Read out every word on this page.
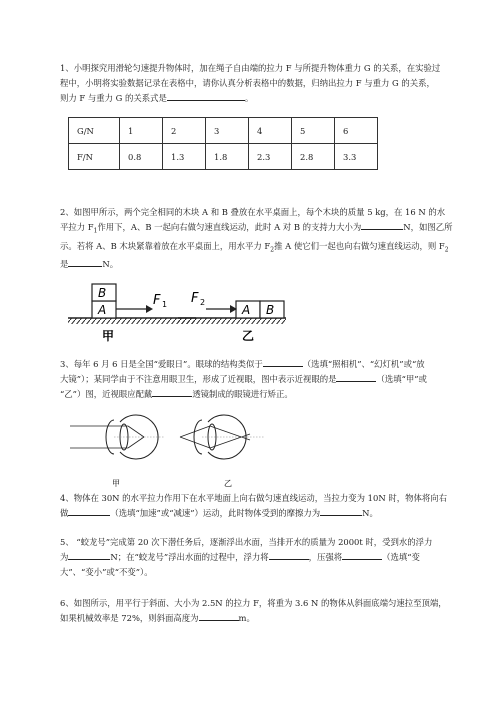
1、小明探究用滑轮匀速提升物体时，加在绳子自由端的拉力 F 与所提升物体重力 G 的关系，在实验过
程中，小明将实验数据记录在表格中，请你认真分析表格中的数据，归纳出拉力 F 与重力 G 的关系，
则力 F 与重力 G 的关系式是	。
G/N	1	2	3	4	5	6
F/N	0.8	1.3	1.8	2.3	2.8	3.3
2、如图甲所示，两个完全相同的木块 A 和 B 叠放在水平桌面上，每个木块的质量 5 kg，在 16 N 的水
平拉力 $F_1$作用下，A、B 一起向右做匀速直线运动，此时 A 对 B 的支持力大小为	N，如图乙所
示。若将 A、B 木块紧靠着放在水平桌面上，用水平力 $F_2$推 A 使它们一起也向右做匀速直线运动，则 $F_2$
是	N。
A
B	F 1
甲
A B
F 2
乙
3、每年 6 月 6 日是全国“爱眼日”。眼球的结构类似于	（选填“照相机”、“幻灯机”或“放
大镜”）；某同学由于不注意用眼卫生，形成了近视眼，图中表示近视眼的是	（选填“甲”或
“乙”）图，近视眼应配戴	透镜制成的眼镜进行矫正。
甲	乙
4、物体在 30N 的水平拉力作用下在水平地面上向右做匀速直线运动，当拉力变为 10N 时，物体将向右
做	（选填“加速”或“减速”）运动，此时物体受到的摩擦力为	N。
5、 “蛟龙号”完成第 20 次下潜任务后，逐渐浮出水面，当排开水的质量为 2000t 时，受到水的浮力
为	N；在“蛟龙号”浮出水面的过程中，浮力将	，压强将	（选填“变
大”、“变小”或“不变”）。
6、如图所示，用平行于斜面、大小为 2.5N 的拉力 F，将重为 3.6 N 的物体从斜面底端匀速拉至顶端，
如果机械效率是 72%，则斜面高度为	m。
